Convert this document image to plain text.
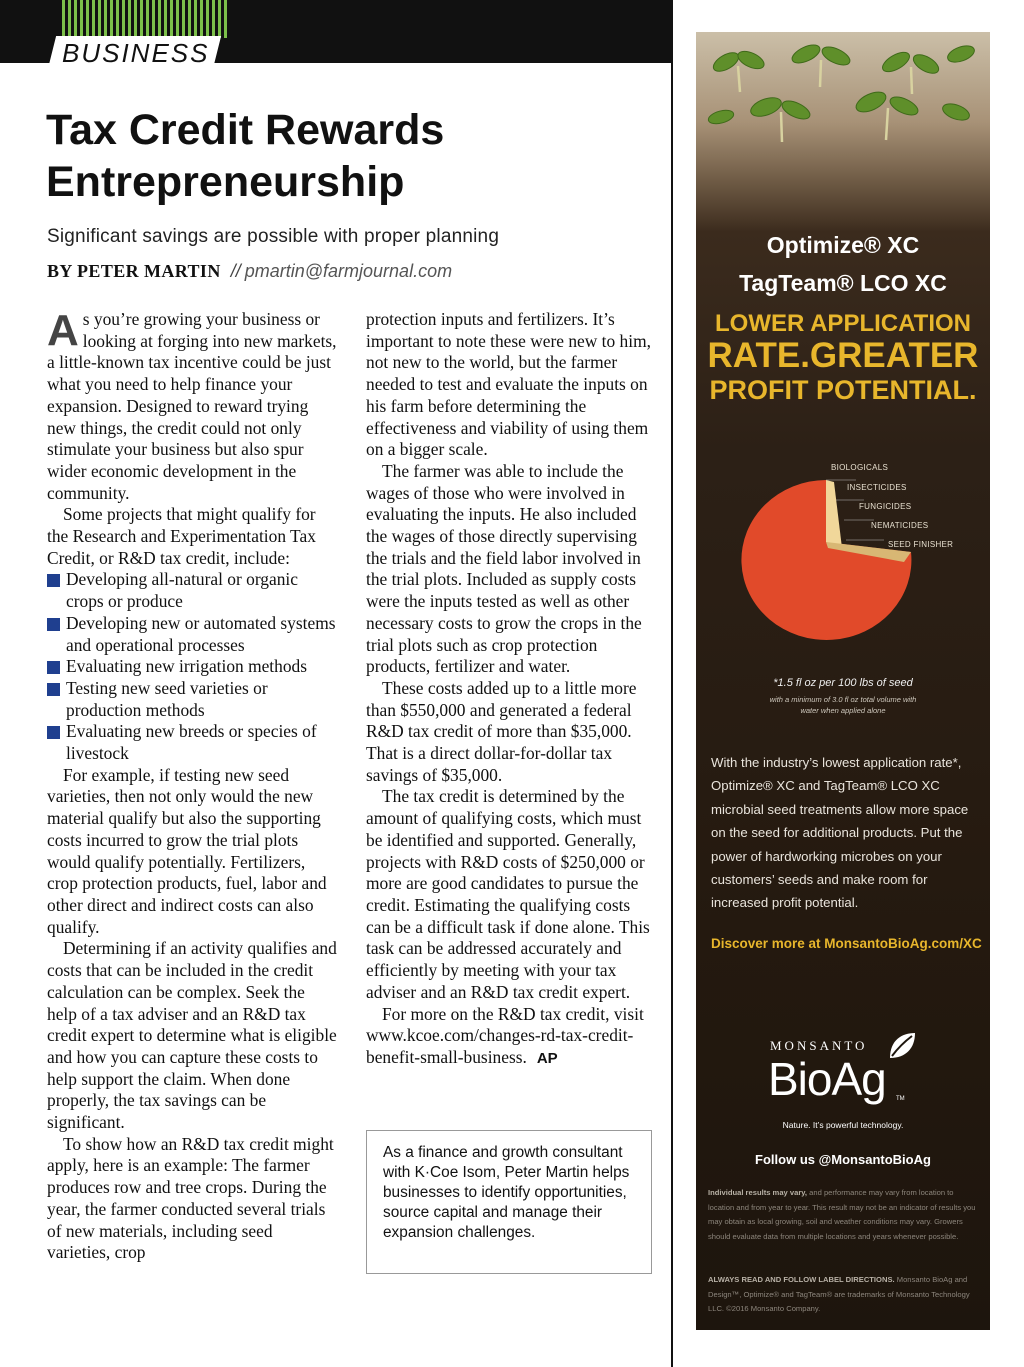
BUSINESS
Tax Credit Rewards Entrepreneurship
Significant savings are possible with proper planning
BY PETER MARTIN // pmartin@farmjournal.com

As you’re growing your business or looking at forging into new markets, a little-known tax incentive could be just what you need to help finance your expansion. Designed to reward trying new things, the credit could not only stimulate your business but also spur wider economic development in the community.

Some projects that might qualify for the Research and Experimentation Tax Credit, or R&D tax credit, include:

Developing all-natural or organic crops or produce
Developing new or automated systems and operational processes
Evaluating new irrigation methods
Testing new seed varieties or production methods
Evaluating new breeds or species of livestock

For example, if testing new seed varieties, then not only would the new material qualify but also the supporting costs incurred to grow the trial plots would qualify potentially. Fertilizers, crop protection products, fuel, labor and other direct and indirect costs can also qualify.

Determining if an activity qualifies and costs that can be included in the credit calculation can be complex. Seek the help of a tax adviser and an R&D tax credit expert to determine what is eligible and how you can capture these costs to help support the claim. When done properly, the tax savings can be significant.

To show how an R&D tax credit might apply, here is an example: The farmer produces row and tree crops. During the year, the farmer conducted several trials of new materials, including seed varieties, crop

protection inputs and fertilizers. It’s important to note these were new to him, not new to the world, but the farmer needed to test and evaluate the inputs on his farm before determining the effectiveness and viability of using them on a bigger scale.

The farmer was able to include the wages of those who were involved in evaluating the inputs. He also included the wages of those directly supervising the trials and the field labor involved in the trial plots. Included as supply costs were the inputs tested as well as other necessary costs to grow the crops in the trial plots such as crop protection products, fertilizer and water.

These costs added up to a little more than $550,000 and generated a federal R&D tax credit of more than $35,000. That is a direct dollar-for-dollar tax savings of $35,000.

The tax credit is determined by the amount of qualifying costs, which must be identified and supported. Generally, projects with R&D costs of $250,000 or more are good candidates to pursue the credit. Estimating the qualifying costs can be a difficult task if done alone. This task can be addressed accurately and efficiently by meeting with your tax adviser and an R&D tax credit expert.

For more on the R&D tax credit, visit www.kcoe.com/changes-rd-tax-credit-benefit-small-business. AP

As a finance and growth consultant with K·Coe Isom, Peter Martin helps businesses to identify opportunities, source capital and manage their expansion challenges.
Optimize® XC
TagTeam® LCO XC
LOWER APPLICATION
RATE.GREATER
PROFIT POTENTIAL.
BIOLOGICALS
INSECTICIDES
FUNGICIDES
NEMATICIDES
SEED FINISHER
*1.5 fl oz per 100 lbs of seed
with a minimum of 3.0 fl oz total volume with
water when applied alone
With the industry’s lowest application rate*, Optimize® XC and TagTeam® LCO XC microbial seed treatments allow more space on the seed for additional products. Put the power of hardworking microbes on your customers’ seeds and make room for increased profit potential.
Discover more at MonsantoBioAg.com/XC
MONSANTO
BioAg TM
Nature. It’s powerful technology.
Follow us @MonsantoBioAg
Individual results may vary, and performance may vary from location to location and from year to year. This result may not be an indicator of results you may obtain as local growing, soil and weather conditions may vary. Growers should evaluate data from multiple locations and years whenever possible.
ALWAYS READ AND FOLLOW LABEL DIRECTIONS. Monsanto BioAg and Design™, Optimize® and TagTeam® are trademarks of Monsanto Technology LLC. ©2016 Monsanto Company.
